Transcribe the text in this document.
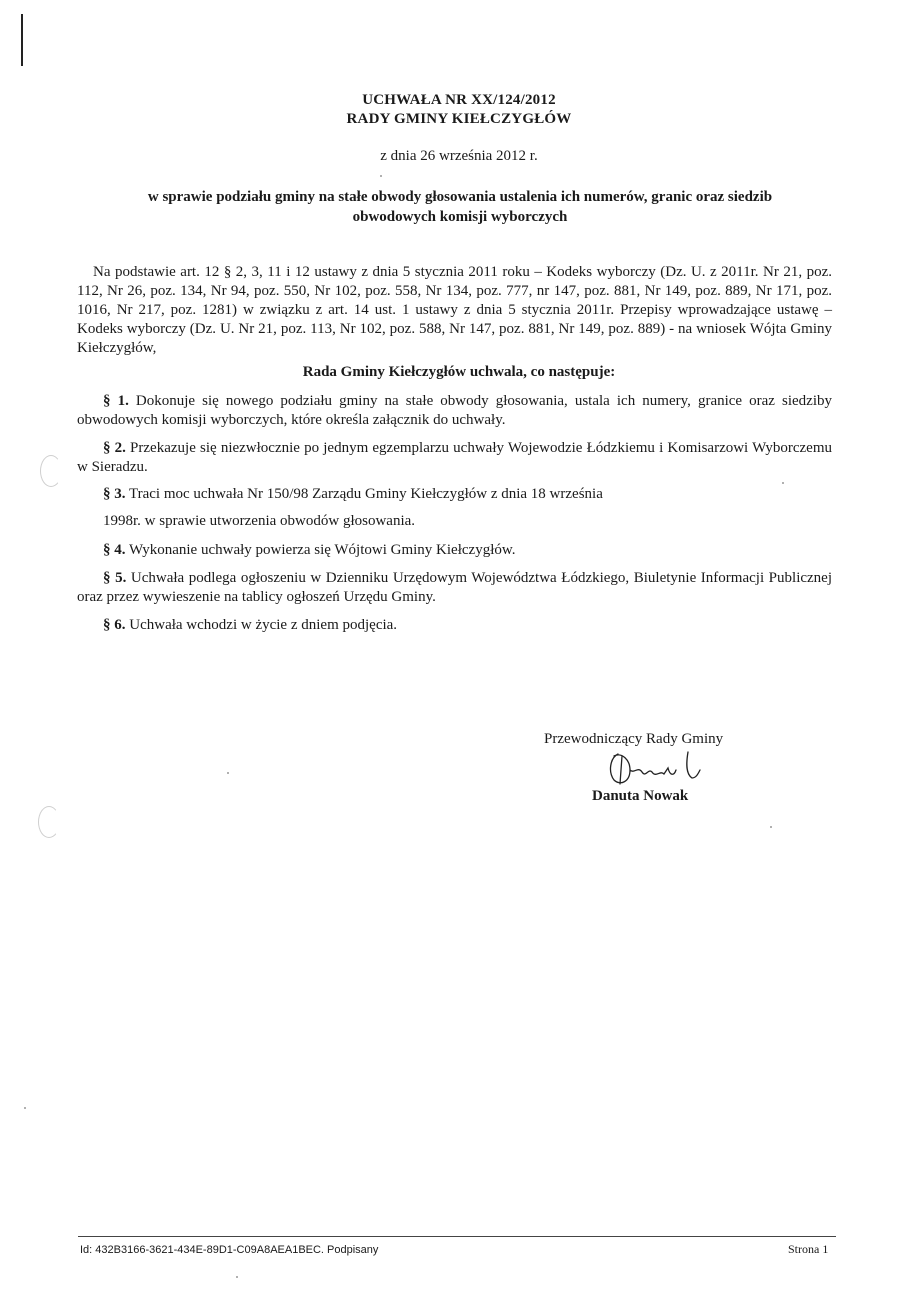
UCHWAŁA NR XX/124/2012
RADY GMINY KIEŁCZYGŁÓW
z dnia 26 września 2012 r.
w sprawie podziału gminy na stałe obwody głosowania ustalenia ich numerów, granic oraz siedzib obwodowych komisji wyborczych
Na podstawie art. 12 § 2, 3, 11 i 12 ustawy z dnia 5 stycznia 2011 roku – Kodeks wyborczy (Dz. U. z 2011r. Nr 21, poz. 112, Nr 26, poz. 134, Nr 94, poz. 550, Nr 102, poz. 558, Nr 134, poz. 777, nr 147, poz. 881, Nr 149, poz. 889, Nr 171, poz. 1016, Nr 217, poz. 1281) w związku z art. 14 ust. 1 ustawy z dnia 5 stycznia 2011r. Przepisy wprowadzające ustawę – Kodeks wyborczy (Dz. U. Nr 21, poz. 113, Nr 102, poz. 588, Nr 147, poz. 881, Nr 149, poz. 889) - na wniosek Wójta Gminy Kiełczygłów,
Rada Gminy Kiełczygłów uchwala, co następuje:
§ 1. Dokonuje się nowego podziału gminy na stałe obwody głosowania, ustala ich numery, granice oraz siedziby obwodowych komisji wyborczych, które określa załącznik do uchwały.
§ 2. Przekazuje się niezwłocznie po jednym egzemplarzu uchwały Wojewodzie Łódzkiemu i Komisarzowi Wyborczemu w Sieradzu.
§ 3. Traci moc uchwała Nr 150/98 Zarządu Gminy Kiełczygłów z dnia 18 września
1998r. w sprawie utworzenia obwodów głosowania.
§ 4. Wykonanie uchwały powierza się Wójtowi Gminy Kiełczygłów.
§ 5. Uchwała podlega ogłoszeniu w Dzienniku Urzędowym Województwa Łódzkiego, Biuletynie Informacji Publicznej oraz przez wywieszenie na tablicy ogłoszeń Urzędu Gminy.
§ 6. Uchwała wchodzi w życie z dniem podjęcia.
Przewodniczący Rady Gminy
Danuta Nowak
Id: 432B3166-3621-434E-89D1-C09A8AEA1BEC. Podpisany	Strona 1
